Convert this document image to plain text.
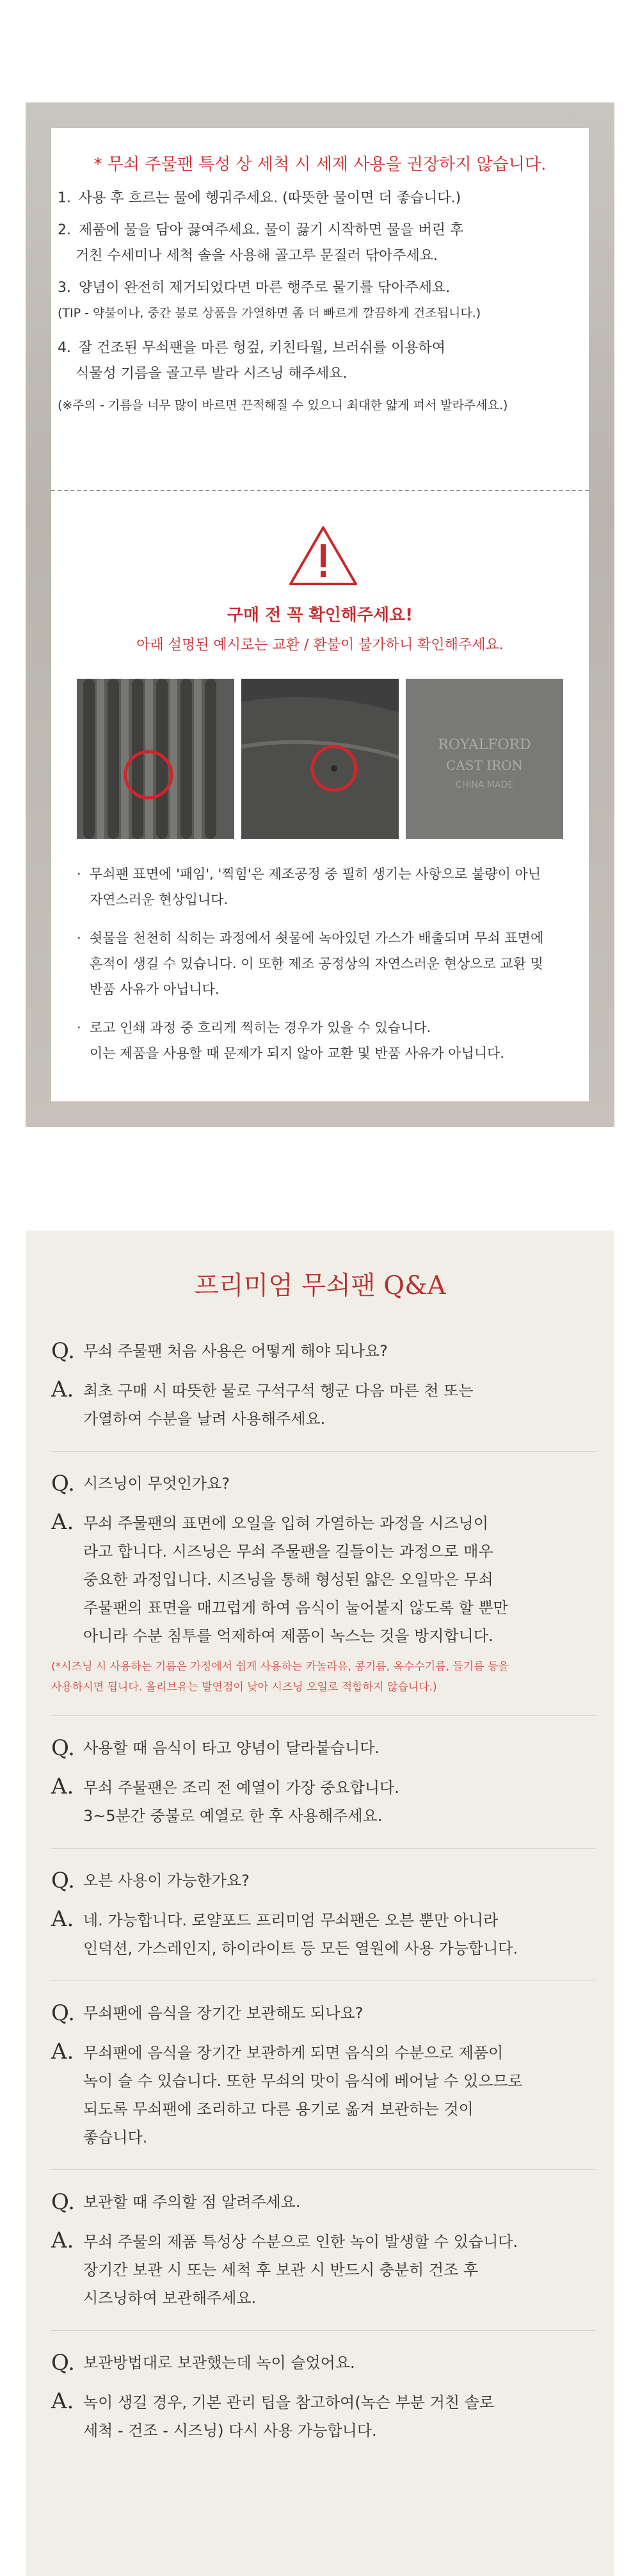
* 무쇠 주물팬 특성 상 세척 시 세제 사용을 권장하지 않습니다.
1. 사용 후 흐르는 물에 헹궈주세요. (따뜻한 물이면 더 좋습니다.)
2. 제품에 물을 담아 끓여주세요. 물이 끓기 시작하면 물을 버린 후
거친 수세미나 세척 솔을 사용해 골고루 문질러 닦아주세요.
3. 양념이 완전히 제거되었다면 마른 행주로 물기를 닦아주세요.
(TIP - 약불이나, 중간 불로 상품을 가열하면 좀 더 빠르게 깔끔하게 건조됩니다.)
4. 잘 건조된 무쇠팬을 마른 헝겊, 키친타월, 브러쉬를 이용하여
식물성 기름을 골고루 발라 시즈닝 해주세요.
(※주의 - 기름을 너무 많이 바르면 끈적해질 수 있으니 최대한 얇게 펴서 발라주세요.)
구매 전 꼭 확인해주세요!
아래 설명된 예시로는 교환 / 환불이 불가하니 확인해주세요.
ROYALFORD
CAST IRON
CHINA MADE
· 무쇠팬 표면에 '패임', '찍힘'은 제조공정 중 필히 생기는 사항으로 불량이 아닌
자연스러운 현상입니다.
· 쇳물을 천천히 식히는 과정에서 쇳물에 녹아있던 가스가 배출되며 무쇠 표면에
흔적이 생길 수 있습니다. 이 또한 제조 공정상의 자연스러운 현상으로 교환 및
반품 사유가 아닙니다.
· 로고 인쇄 과정 중 흐리게 찍히는 경우가 있을 수 있습니다.
이는 제품을 사용할 때 문제가 되지 않아 교환 및 반품 사유가 아닙니다.
프리미엄 무쇠팬 Q&A
Q. 무쇠 주물팬 처음 사용은 어떻게 해야 되나요?
A. 최초 구매 시 따뜻한 물로 구석구석 헹군 다음 마른 천 또는
가열하여 수분을 날려 사용해주세요.
Q. 시즈닝이 무엇인가요?
A. 무쇠 주물팬의 표면에 오일을 입혀 가열하는 과정을 시즈닝이
라고 합니다. 시즈닝은 무쇠 주물팬을 길들이는 과정으로 매우
중요한 과정입니다. 시즈닝을 통해 형성된 얇은 오일막은 무쇠
주물팬의 표면을 매끄럽게 하여 음식이 눌어붙지 않도록 할 뿐만
아니라 수분 침투를 억제하여 제품이 녹스는 것을 방지합니다.
(*시즈닝 시 사용하는 기름은 가정에서 쉽게 사용하는 카놀라유, 콩기름, 옥수수기름, 들기름 등을
사용하시면 됩니다. 올리브유는 발연점이 낮아 시즈닝 오일로 적합하지 않습니다.)
Q. 사용할 때 음식이 타고 양념이 달라붙습니다.
A. 무쇠 주물팬은 조리 전 예열이 가장 중요합니다.
3~5분간 중불로 예열로 한 후 사용해주세요.
Q. 오븐 사용이 가능한가요?
A. 네. 가능합니다. 로얄포드 프리미엄 무쇠팬은 오븐 뿐만 아니라
인덕션, 가스레인지, 하이라이트 등 모든 열원에 사용 가능합니다.
Q. 무쇠팬에 음식을 장기간 보관해도 되나요?
A. 무쇠팬에 음식을 장기간 보관하게 되면 음식의 수분으로 제품이
녹이 슬 수 있습니다. 또한 무쇠의 맛이 음식에 베어날 수 있으므로
되도록 무쇠팬에 조리하고 다른 용기로 옮겨 보관하는 것이
좋습니다.
Q. 보관할 때 주의할 점 알려주세요.
A. 무쇠 주물의 제품 특성상 수분으로 인한 녹이 발생할 수 있습니다.
장기간 보관 시 또는 세척 후 보관 시 반드시 충분히 건조 후
시즈닝하여 보관해주세요.
Q. 보관방법대로 보관했는데 녹이 슬었어요.
A. 녹이 생길 경우, 기본 관리 팁을 참고하여(녹슨 부분 거친 솔로
세척 - 건조 - 시즈닝) 다시 사용 가능합니다.
